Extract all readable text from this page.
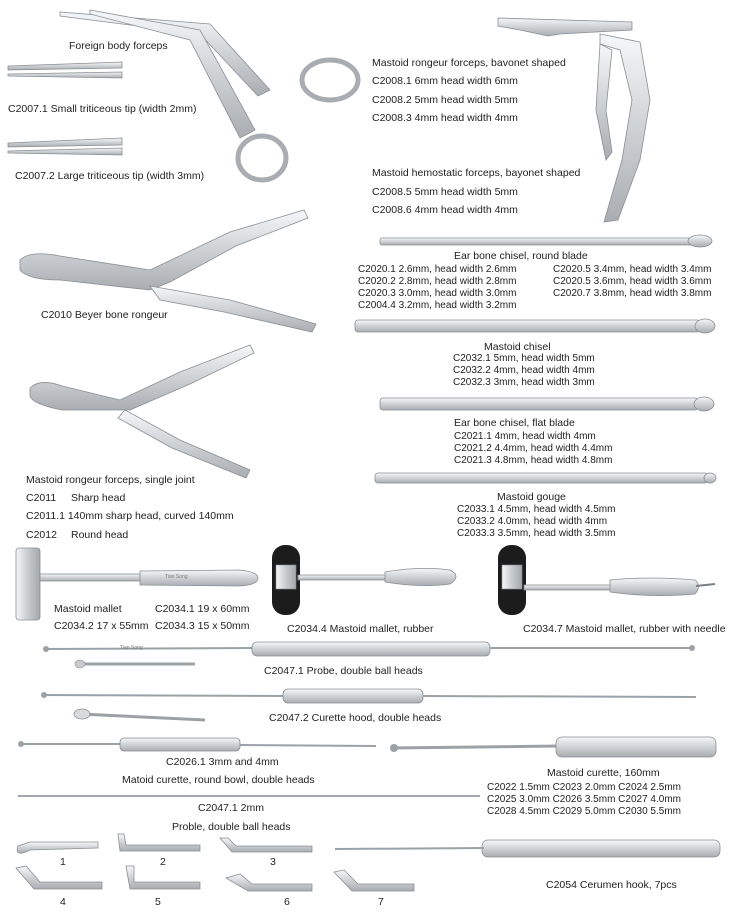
Foreign body forceps
C2007.1 Small triticeous tip (width 2mm)
C2007.2 Large triticeous tip (width 3mm)
Mastoid rongeur forceps, bavonet shaped
C2008.1 6mm head width 6mm
C2008.2 5mm head width 5mm
C2008.3 4mm head width 4mm
Mastoid hemostatic forceps, bayonet shaped
C2008.5 5mm head width 5mm
C2008.6 4mm head width 4mm
C2010 Beyer bone rongeur
Ear bone chisel, round blade
C2020.1 2.6mm, head width 2.6mm
C2020.2 2.8mm, head width 2.8mm
C2020.3 3.0mm, head width 3.0mm
C2004.4 3.2mm, head width 3.2mm
C2020.5 3.4mm, head width 3.4mm
C2020.5 3.6mm, head width 3.6mm
C2020.7 3.8mm, head width 3.8mm
Mastoid chisel
C2032.1 5mm, head width 5mm
C2032.2 4mm, head width 4mm
C2032.3 3mm, head width 3mm
Ear bone chisel, flat blade
C2021.1 4mm, head width 4mm
C2021.2 4.4mm, head width 4.4mm
C2021.3 4.8mm, head width 4.8mm
Mastoid rongeur forceps, single joint
C2011 Sharp head
C2011.1 140mm sharp head, curved 140mm
C2012 Round head
Mastoid gouge
C2033.1 4.5mm, head width 4.5mm
C2033.2 4.0mm, head width 4mm
C2033.3 3.5mm, head width 3.5mm
Mastoid mallet	C2034.1 19 x 60mm
C2034.2 17 x 55mm C2034.3 15 x 50mm	C2034.4 Mastoid mallet, rubber	C2034.7 Mastoid mallet, rubber with needle
C2047.1 Probe, double ball heads
C2047.2 Curette hood, double heads
C2026.1 3mm and 4mm
Matoid curette, round bowl, double heads
Mastoid curette, 160mm
C2022 1.5mm C2023 2.0mm C2024 2.5mm
C2025 3.0mm C2026 3.5mm C2027 4.0mm
C2028 4.5mm C2029 5.0mm C2030 5.5mm
C2047.1 2mm
Proble, double ball heads
1	2	3
4	5	6	7
C2054 Cerumen hook, 7pcs
Tian Song
Tian Song
